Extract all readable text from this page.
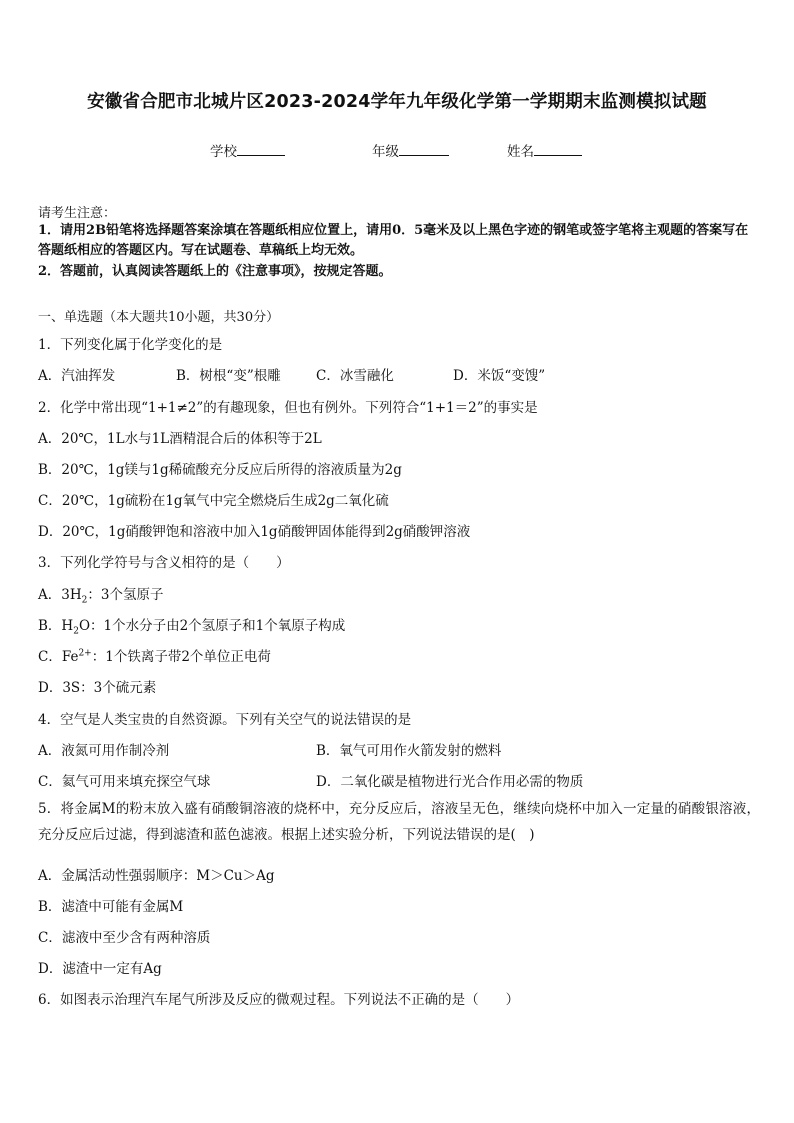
安徽省合肥市北城片区2023-2024学年九年级化学第一学期期末监测模拟试题
学校	年级	姓名
请考生注意：
1．请用2B铅笔将选择题答案涂填在答题纸相应位置上，请用0．5毫米及以上黑色字迹的钢笔或签字笔将主观题的答案写在答题纸相应的答题区内。写在试题卷、草稿纸上均无效。
2．答题前，认真阅读答题纸上的《注意事项》，按规定答题。
一、单选题（本大题共10小题，共30分）
1．下列变化属于化学变化的是
A．汽油挥发	B．树根“变”根雕	C．冰雪融化	D．米饭“变馊”
2．化学中常出现“1+1≠2”的有趣现象，但也有例外。下列符合“1+1＝2”的事实是
A．20℃，1L水与1L酒精混合后的体积等于2L
B．20℃，1g镁与1g稀硫酸充分反应后所得的溶液质量为2g
C．20℃，1g硫粉在1g氧气中完全燃烧后生成2g二氧化硫
D．20℃，1g硝酸钾饱和溶液中加入1g硝酸钾固体能得到2g硝酸钾溶液
3．下列化学符号与含义相符的是（　　）
A．$3H_2$：3个氢原子
B．$H_2O$：1个水分子由2个氢原子和1个氧原子构成
C．$Fe^{2+}$：1个铁离子带2个单位正电荷
D．3S：3个硫元素
4．空气是人类宝贵的自然资源。下列有关空气的说法错误的是
A．液氮可用作制冷剂	B．氧气可用作火箭发射的燃料
C．氦气可用来填充探空气球	D．二氧化碳是植物进行光合作用必需的物质
5．将金属M的粉末放入盛有硝酸铜溶液的烧杯中，充分反应后，溶液呈无色，继续向烧杯中加入一定量的硝酸银溶液，充分反应后过滤，得到滤渣和蓝色滤液。根据上述实验分析，下列说法错误的是(　)
A．金属活动性强弱顺序：M＞Cu＞Ag
B．滤渣中可能有金属M
C．滤液中至少含有两种溶质
D．滤渣中一定有Ag
6．如图表示治理汽车尾气所涉及反应的微观过程。下列说法不正确的是（　　）
